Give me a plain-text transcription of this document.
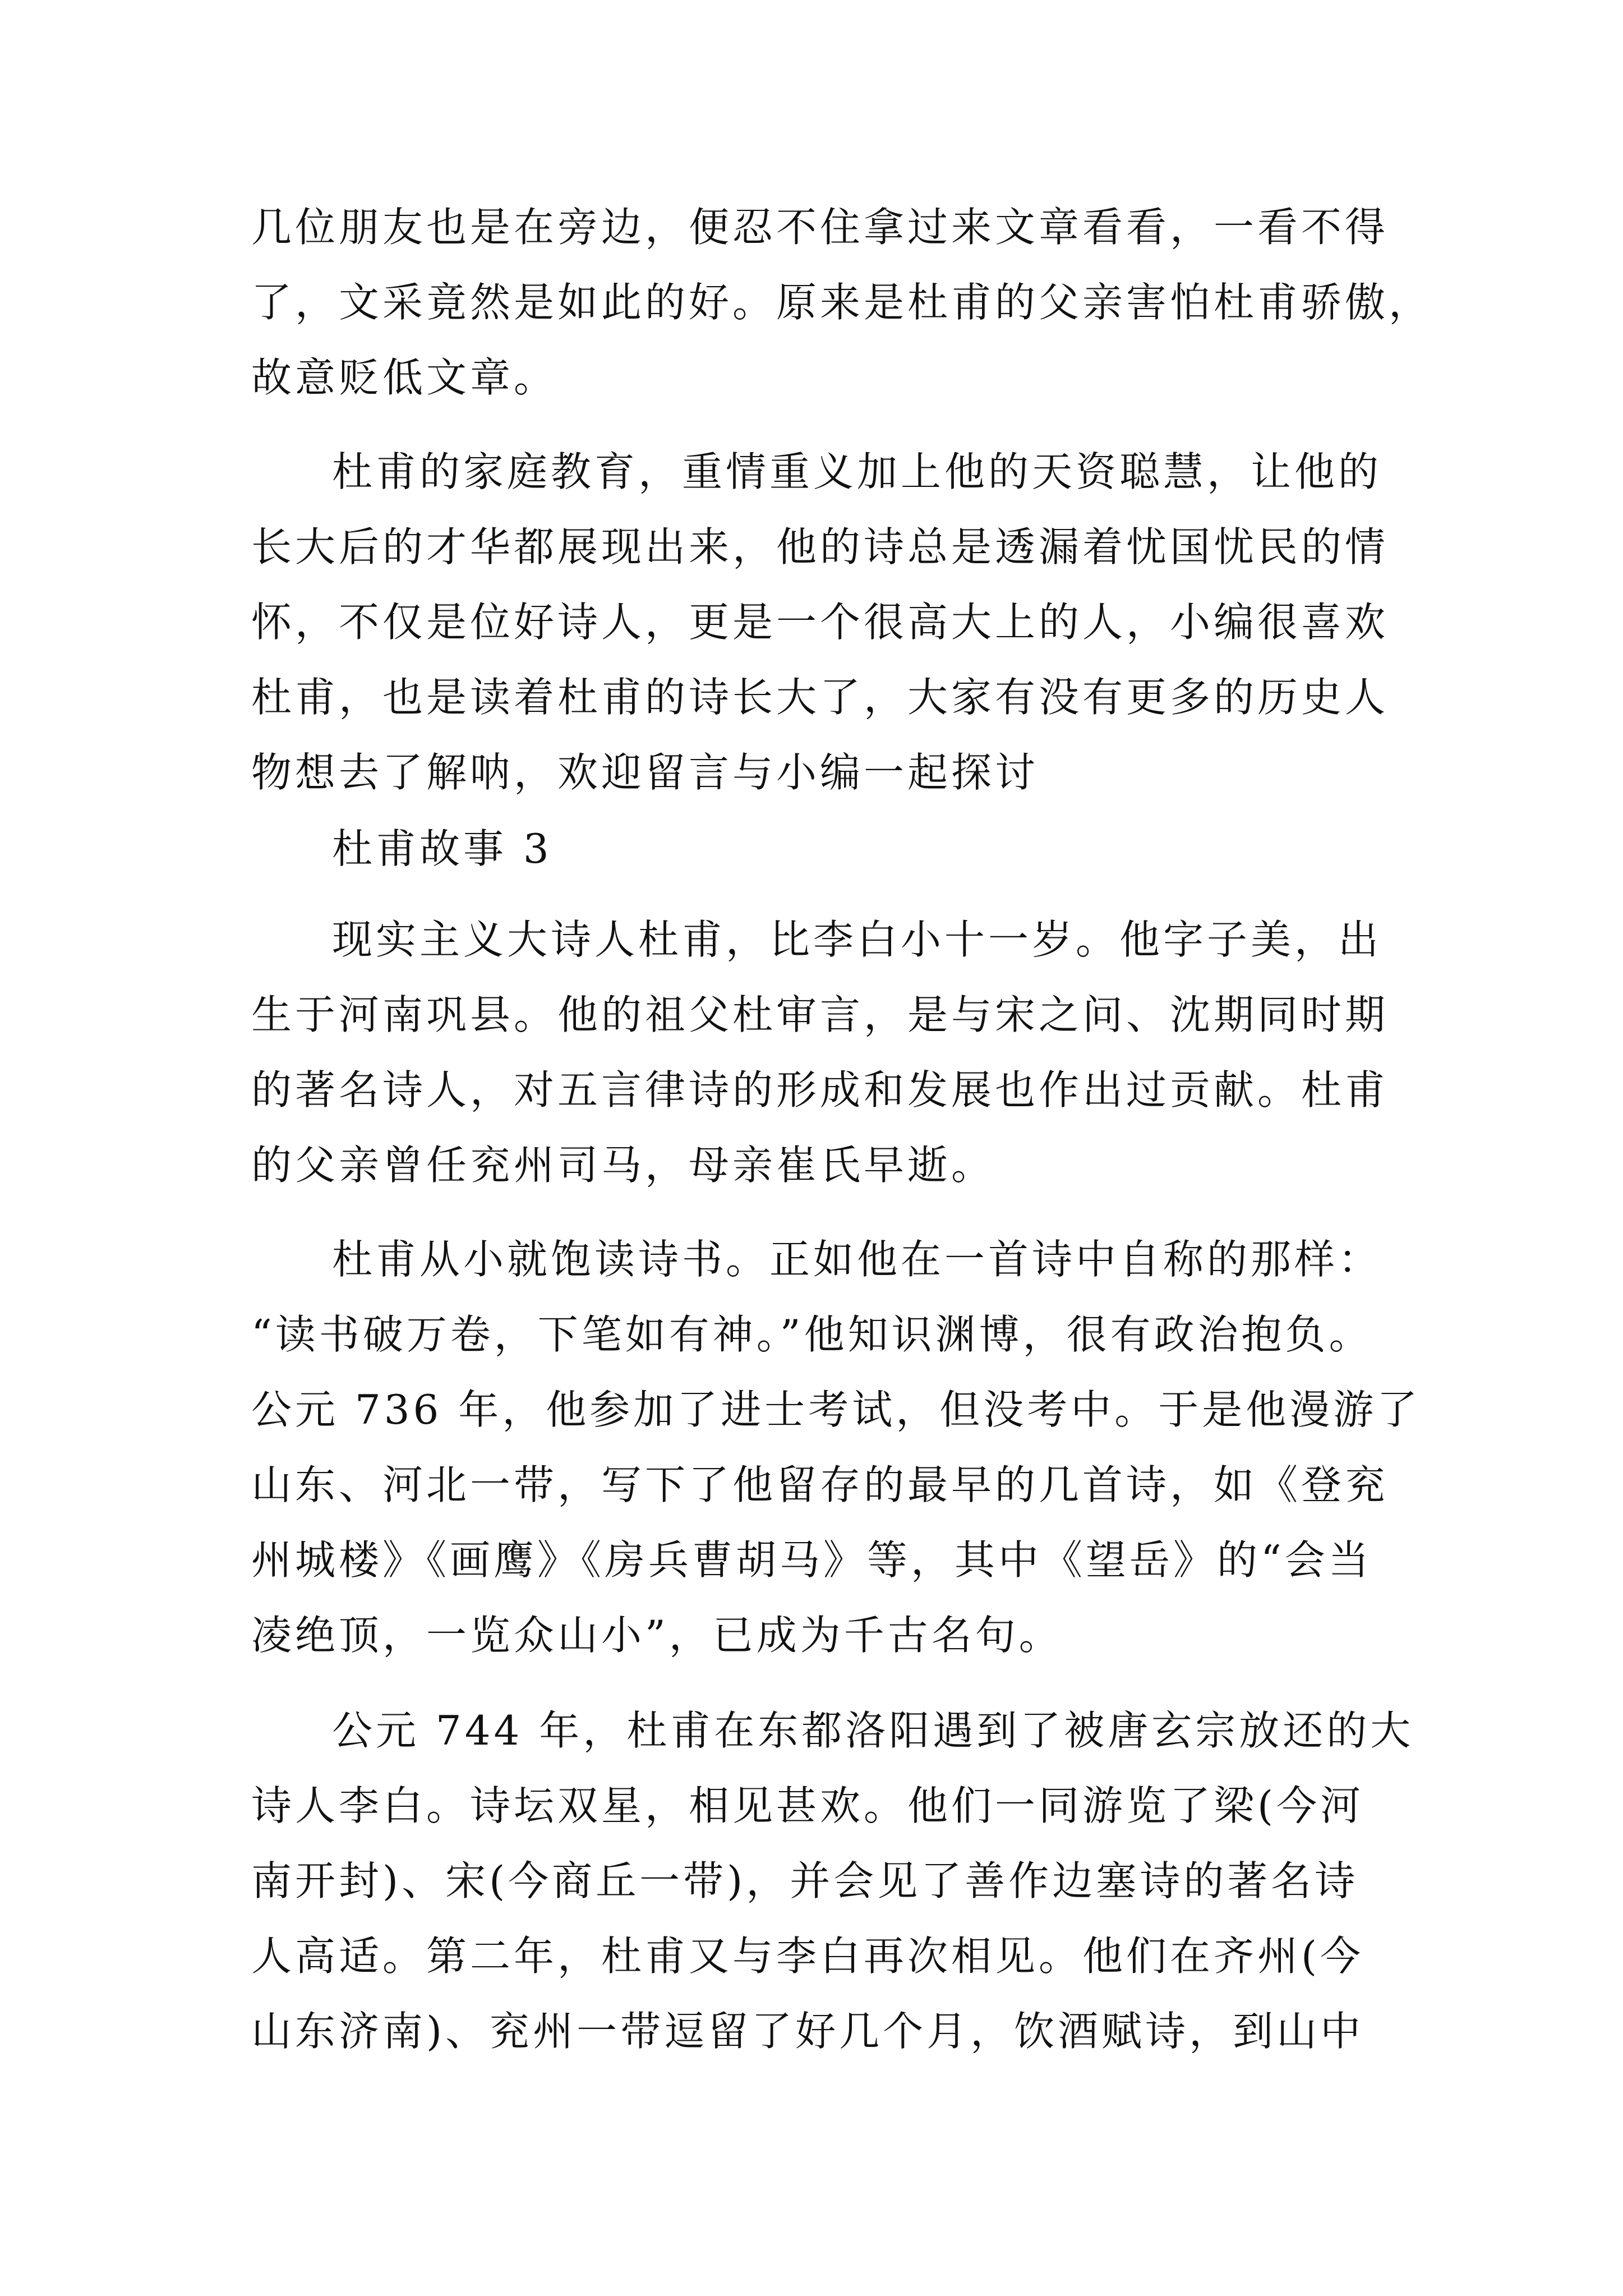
几位朋友也是在旁边，便忍不住拿过来文章看看，一看不得
了，文采竟然是如此的好。原来是杜甫的父亲害怕杜甫骄傲，
故意贬低文章。
杜甫的家庭教育，重情重义加上他的天资聪慧，让他的
长大后的才华都展现出来，他的诗总是透漏着忧国忧民的情
怀，不仅是位好诗人，更是一个很高大上的人，小编很喜欢
杜甫，也是读着杜甫的诗长大了，大家有没有更多的历史人
物想去了解呐，欢迎留言与小编一起探讨
杜甫故事 3
现实主义大诗人杜甫，比李白小十一岁。他字子美，出
生于河南巩县。他的祖父杜审言，是与宋之问、沈期同时期
的著名诗人，对五言律诗的形成和发展也作出过贡献。杜甫
的父亲曾任兖州司马，母亲崔氏早逝。
杜甫从小就饱读诗书。正如他在一首诗中自称的那样：
“读书破万卷，下笔如有神。”他知识渊博，很有政治抱负。
公元 736 年，他参加了进士考试，但没考中。于是他漫游了
山东、河北一带，写下了他留存的最早的几首诗，如《登兖
州城楼》《画鹰》《房兵曹胡马》等，其中《望岳》的“会当
凌绝顶，一览众山小”，已成为千古名句。
公元 744 年，杜甫在东都洛阳遇到了被唐玄宗放还的大
诗人李白。诗坛双星，相见甚欢。他们一同游览了梁(今河
南开封)、宋(今商丘一带)，并会见了善作边塞诗的著名诗
人高适。第二年，杜甫又与李白再次相见。他们在齐州(今
山东济南)、兖州一带逗留了好几个月，饮酒赋诗，到山中
